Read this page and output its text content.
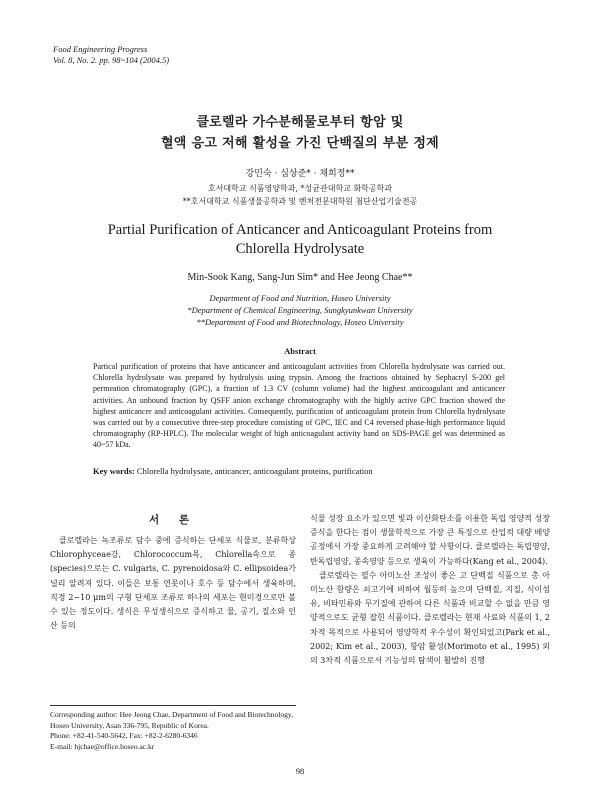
Food Engineering Progress
Vol. 8, No. 2. pp. 98~104 (2004.5)
클로렐라 가수분해물로부터 항암 및
혈액 응고 저해 활성을 가진 단백질의 부분 정제
강민숙 · 심상준* · 채희정**
호서대학교 식품영양학과, *성균관대학교 화학공학과
**호서대학교 식품생물공학과 및 벤처전문대학원 첨단산업기술전공
Partial Purification of Anticancer and Anticoagulant Proteins from
Chlorella Hydrolysate
Min-Sook Kang, Sang-Jun Sim* and Hee Jeong Chae**
Department of Food and Nutrition, Hoseo University
*Department of Chemical Engineering, Sungkyunkwan University
**Department of Food and Biotechnology, Hoseo University
Abstract
Partical purification of proteins that have anticancer and anticoagulant activities from Chlorella hydrolysate was carried out. Chlorella hydrolysate was prepared by hydrolysis using trypsin. Among the fractions obtained by Sephacryl S-200 gel permeation chromatography (GPC), a fraction of 1.3 CV (column volume) had the highest anticoagulant and anticancer activities. An unbound fraction by QSFF anion exchange chromatography with the highly active GPC fraction showed the highest anticancer and anticoagulant activities. Consequently, purification of anticoagulant protein from Chlorella hydrolysate was carried out by a consecutive three-step procedure consisting of GPC, IEC and C4 reversed phase-high performance liquid chromatography (RP-HPLC). The molecular weight of high anticoagulant activity band on SDS-PAGE gel was determined as 40~57 kDa.
Key words: Chlorella hydrolysate, anticancer, anticoagulant proteins, purification
서 론

클로렐라는 녹조류로 담수 중에 증식하는 단세포 식물로, 분류학상 Chlorophyceae강, Chlorococcum목, Chlorella속으로 종(species)으로는 C. vulgaris, C. pyrenoidosa와 C. ellipsoidea가 널리 알려져 있다. 이들은 보통 연못이나 호수 등 담수에서 생육하며, 직경 2~10 μm의 구형 단세포 조류로 하나의 세포는 현미경으로만 볼 수 있는 정도이다. 생식은 무성생식으로 증식하고 물, 공기, 질소와 인산 등의

식물 성장 요소가 있으면 빛과 이산화탄소를 이용한 독립 영양적 성장 증식을 한다는 점이 생물학적으로 가장 큰 특징으로 산업적 대량 배양 공정에서 가장 중요하게 고려해야 할 사항이다. 클로렐라는 독립영양, 반독립영양, 종속영양 등으로 생육이 가능하다(Kang et al., 2004).

클로렐라는 필수 아미노산 조성이 좋은 고 단백질 식품으로 총 아미노산 함량은 쇠고기에 비하여 월등히 높으며 단백질, 지질, 식이섬유, 비타민류와 무기질에 관하여 다른 식품과 비교할 수 없을 만큼 영양적으로도 균형 잡힌 식품이다. 클로렐라는 현재 사료와 식품의 1, 2차적 목적으로 사용되어 영양학적 우수성이 확인되었고(Park et al., 2002; Kim et al., 2003), 항암 활성(Morimoto et al., 1995) 외의 3차적 식품으로서 기능성의 탐색이 활발히 진행

Corresponding author: Hee Jeong Chae, Department of Food and Biotechnology, Hoseo University, Asan 336-795, Republic of Korea.
Phone: +82-41-540-5642, Fax: +82-2-6280-6346
E-mail: hjchae@office.hoseo.ac.kr
98
